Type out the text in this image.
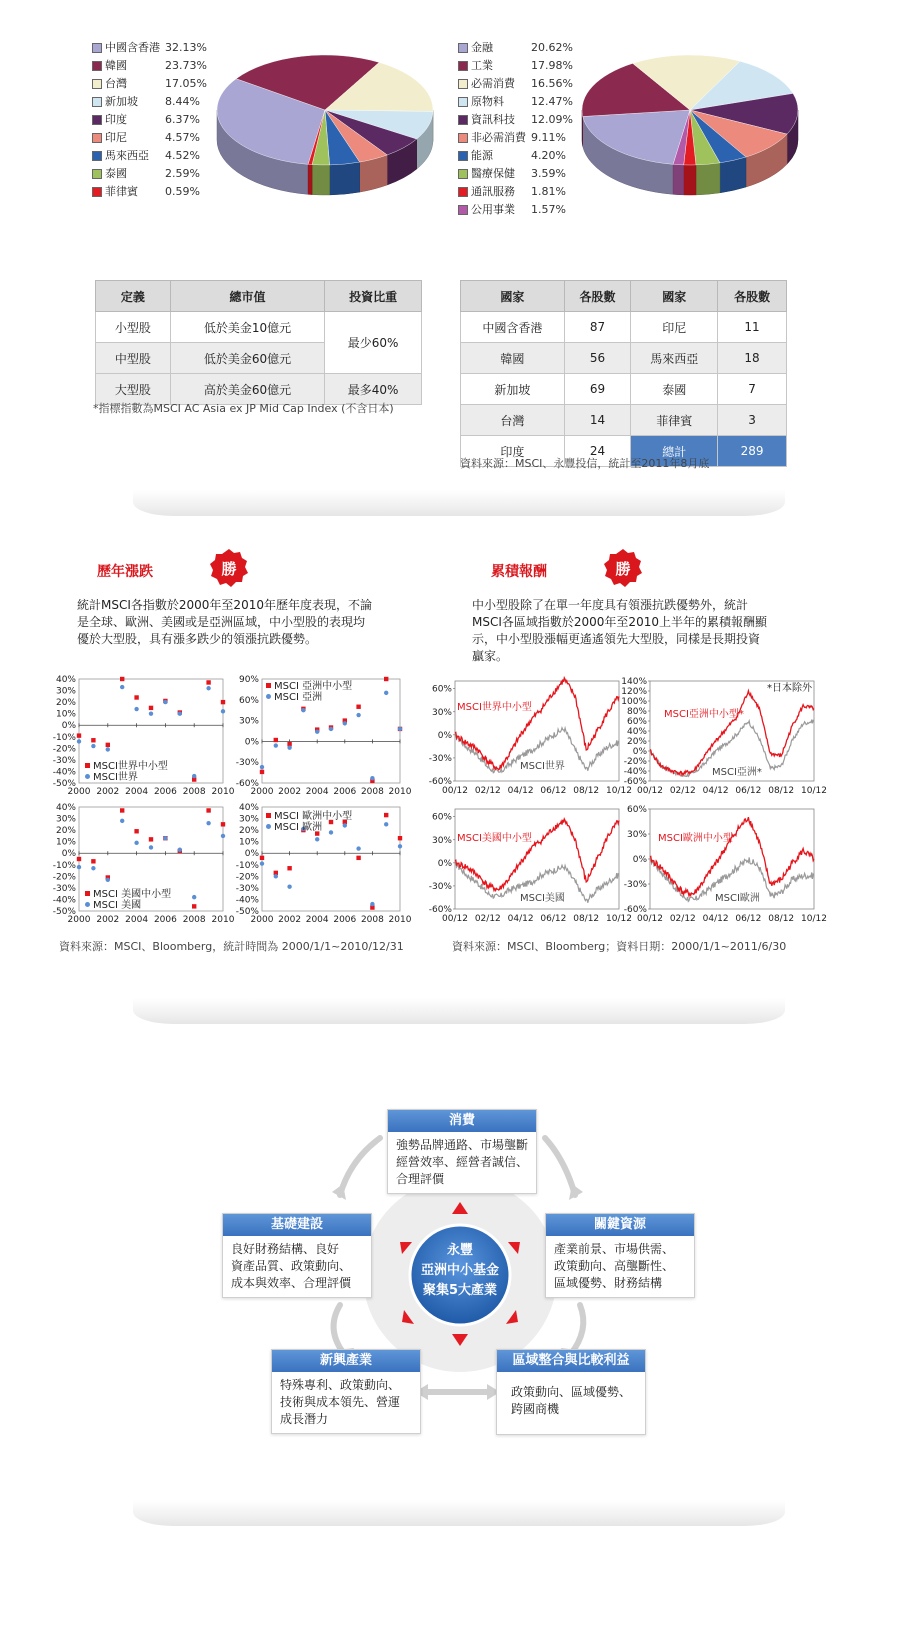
中國含香港 32.13%
韓國	23.73%
台灣	17.05%
新加坡	8.44%
印度	6.37%
印尼	4.57%
馬來西亞	4.52%
泰國	2.59%
菲律賓	0.59%
金融	20.62%
工業	17.98%
必需消費	16.56%
原物料	12.47%
資訊科技	12.09%
非必需消費 9.11%
能源	4.20%
醫療保健	3.59%
通訊服務	1.81%
公用事業	1.57%
定義	總市值	投資比重
小型股	低於美金10億元	最少60%
中型股	低於美金60億元	
大型股	高於美金60億元	最多40%
*指標指數為MSCI AC Asia ex JP Mid Cap Index (不含日本)
國家	各股數	國家	各股數
中國含香港	87	印尼	11
韓國	56	馬來西亞	18
新加坡	69	泰國	7
台灣	14	菲律賓	3
印度	24	總計	289
資料來源：MSCI、永豐投信，統計至2011年8月底
歷年漲跌	勝
統計MSCI各指數於2000年至2010年歷年度表現，不論
是全球、歐洲、美國或是亞洲區域，中小型股的表現均
優於大型股，具有漲多跌少的領漲抗跌優勢。
累積報酬	勝
中小型股除了在單一年度具有領漲抗跌優勢外，統計
MSCI各區域指數於2000年至2010上半年的累積報酬顯
示，中小型股漲幅更遙遙領先大型股，同樣是長期投資
贏家。
40%
30%
20%
10%
0%
-10%
-20%
-30%
-40%
-50%
2000 2002 2004 2006 2008 2010
MSCI世界中小型
MSCI世界
90%
60%
30%
0%
-30%
-60%
2000 2002 2004 2006 2008 2010
MSCI 亞洲中小型
MSCI 亞洲
40%
30%
20%
10%
0%
-10%
-20%
-30%
-40%
-50%
2000 2002 2004 2006 2008 2010
MSCI 美國中小型
MSCI 美國
40%
30%
20%
10%
0%
-10%
-20%
-30%
-40%
-50%
2000 2002 2004 2006 2008 2010
MSCI 歐洲中小型
MSCI 歐洲
60%
30%
0%
-30%
-60%
00/12 02/12 04/12 06/12 08/12 10/12
MSCI世界中小型
MSCI世界
140%
120%
100%
80%
60%
40%
20%
0%
-20%
-40%
-60%
00/12 02/12 04/12 06/12 08/12 10/12
MSCI亞洲中小型*
MSCI亞洲*
*日本除外
60%
30%
0%
-30%
-60%
00/12 02/12 04/12 06/12 08/12 10/12
MSCI美國中小型
MSCI美國
60%
30%
0%
-30%
-60%
00/12 02/12 04/12 06/12 08/12 10/12
MSCI歐洲中小型
MSCI歐洲
資料來源：MSCI、Bloomberg，統計時間為 2000/1/1~2010/12/31	資料來源：MSCI、Bloomberg；資料日期：2000/1/1~2011/6/30
永豐
亞洲中小基金
聚集5大產業
消費
強勢品牌通路、市場壟斷
經營效率、經營者誠信、
合理評價
基礎建設
良好財務結構、良好
資產品質、政策動向、
成本與效率、合理評價
關鍵資源
產業前景、市場供需、
政策動向、高壟斷性、
區域優勢、財務結構
新興產業
特殊專利、政策動向、
技術與成本領先、營運
成長潛力
區域整合與比較利益
政策動向、區域優勢、
跨國商機
